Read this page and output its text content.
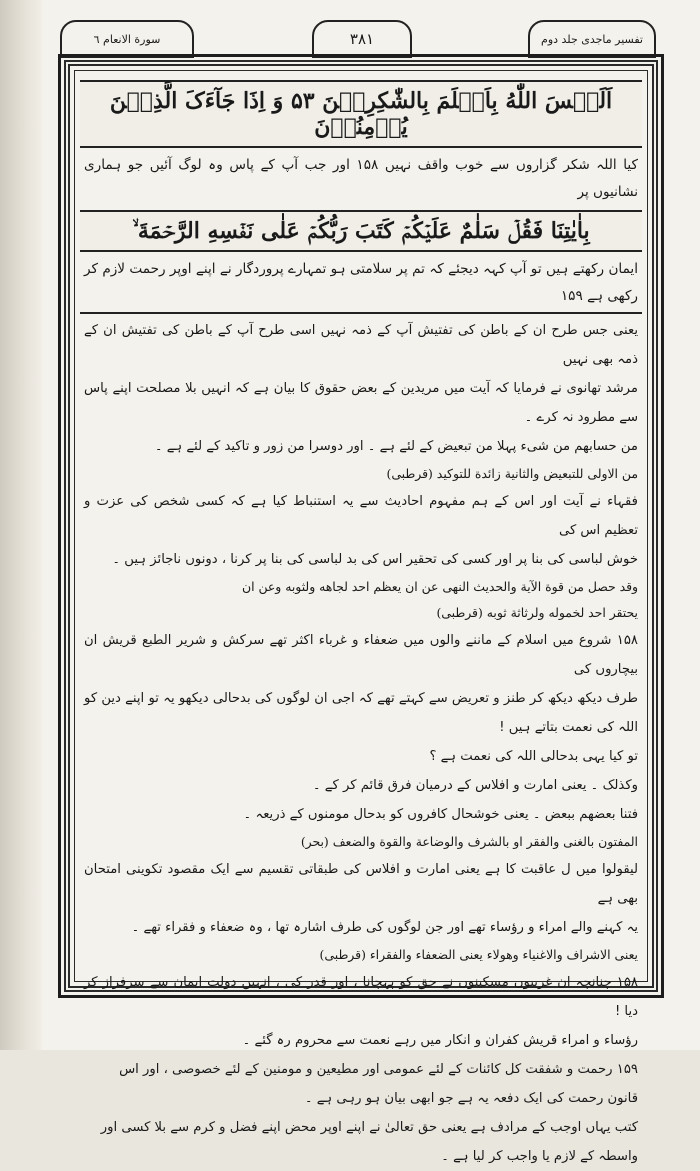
سورة الانعام ٦	٣٨١	تفسیر ماجدی جلد دوم
اَلَیۡسَ اللّٰهُ بِاَعۡلَمَ بِالشّٰکِرِیۡنَ ۵۳ وَ اِذَا جَآءَکَ الَّذِیۡنَ یُؤۡمِنُوۡنَ

کیا اللہ شکر گزاروں سے خوب واقف نہیں ۱۵۸ اور جب آپ کے پاس وہ لوگ آئیں جو ہماری نشانیوں پر

بِاٰیٰتِنَا فَقُلۡ سَلٰمٌ عَلَیۡکُمۡ کَتَبَ رَبُّکُمۡ عَلٰی نَفۡسِهِ الرَّحۡمَةَ ۙ

ایمان رکھتے ہیں تو آپ کہہ دیجئے کہ تم پر سلامتی ہو تمہارے پروردگار نے اپنے اوپر رحمت لازم کر رکھی ہے ۱۵۹

یعنی جس طرح ان کے باطن کی تفتیش آپ کے ذمہ نہیں اسی طرح آپ کے باطن کی تفتیش ان کے ذمہ بھی نہیں

مرشد تھانوی نے فرمایا کہ آیت میں مریدین کے بعض حقوق کا بیان ہے کہ انہیں بلا مصلحت اپنے پاس سے مطرود نہ کرے ۔

من حسابهم من شیء پہلا من تبعیض کے لئے ہے ۔ اور دوسرا من زور و تاکید کے لئے ہے ۔

من الاولی للتبعیض والثانیة زائدة للتوکید (قرطبی)

فقہاء نے آیت اور اس کے ہم مفہوم احادیث سے یہ استنباط کیا ہے کہ کسی شخص کی عزت و تعظیم اس کی

خوش لباسی کی بنا پر اور کسی کی تحقیر اس کی بد لباسی کی بنا پر کرنا ، دونوں ناجائز ہیں ۔

وقد حصل من قوة الآیة والحدیث النهی عن ان یعظم احد لجاهه ولثوبه وعن ان

یحتقر احد لخموله ولرثاثة ثوبه (قرطبی)

۱۵۸ شروع میں اسلام کے ماننے والوں میں ضعفاء و غرباء اکثر تھے سرکش و شریر الطبع قریش ان بیچاروں کی

طرف دیکھ دیکھ کر طنز و تعریض سے کہتے تھے کہ اجی ان لوگوں کی بدحالی دیکھو یہ تو اپنے دین کو اللہ کی نعمت بتاتے ہیں !

تو کیا یہی بدحالی اللہ کی نعمت ہے ؟

وکذلک ۔ یعنی امارت و افلاس کے درمیان فرق قائم کر کے ۔

فتنا بعضهم ببعض ۔ یعنی خوشحال کافروں کو بدحال مومنوں کے ذریعہ ۔

المفتون بالغنی والفقر او بالشرف والوضاعة والقوة والضعف (بحر)

لیقولوا میں ل عاقبت کا ہے یعنی امارت و افلاس کی طبقاتی تقسیم سے ایک مقصود تکوینی امتحان بھی ہے

یہ کہنے والے امراء و رؤساء تھے اور جن لوگوں کی طرف اشارہ تھا ، وہ ضعفاء و فقراء تھے ۔

یعنی الاشراف والاغنیاء وهولاء یعنی الضعفاء والفقراء (قرطبی)

۱۵۸ چنانچہ ان غریبوں مسکینوں نے حق کو پہچانا ، اور قدر کی ، انہیں دولت ایمان سے سرفراز کر دیا !

رؤساء و امراء قریش کفران و انکار میں رہے نعمت سے محروم رہ گئے ۔

۱۵۹ رحمت و شفقت کل کائنات کے لئے عمومی اور مطیعین و مومنین کے لئے خصوصی ، اور اس

قانون رحمت کی ایک دفعہ یہ ہے جو ابھی بیان ہو رہی ہے ۔

کتب یہاں اوجب کے مرادف ہے یعنی حق تعالیٰ نے اپنے اوپر محض اپنے فضل و کرم سے بلا کسی اور

واسطہ کے لازم یا واجب کر لیا ہے ۔
